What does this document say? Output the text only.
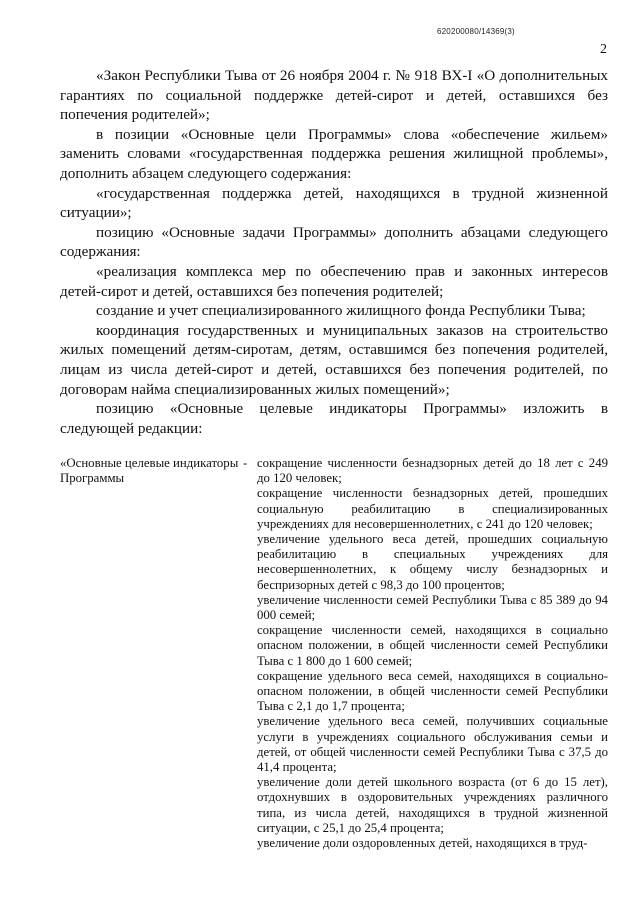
620200080/14369(3)
2

«Закон Республики Тыва от 26 ноября 2004 г. № 918 ВХ-I «О дополнительных гарантиях по социальной поддержке детей-сирот и детей, оставшихся без попечения родителей»;

в позиции «Основные цели Программы» слова «обеспечение жильем» заменить словами «государственная поддержка решения жилищной проблемы», дополнить абзацем следующего содержания:

«государственная поддержка детей, находящихся в трудной жизненной ситуации»;

позицию «Основные задачи Программы» дополнить абзацами следующего содержания:

«реализация комплекса мер по обеспечению прав и законных интересов детей-сирот и детей, оставшихся без попечения родителей;

создание и учет специализированного жилищного фонда Республики Тыва;

координация государственных и муниципальных заказов на строительство жилых помещений детям-сиротам, детям, оставшимся без попечения родителей, лицам из числа детей-сирот и детей, оставшихся без попечения родителей, по договорам найма специализированных жилых помещений»;

позицию «Основные целевые индикаторы Программы» изложить в следующей редакции:

«Основные целевые индикаторы Программы
- сокращение численности безнадзорных детей до 18 лет с 249 до 120 человек;

сокращение численности безнадзорных детей, прошедших социальную реабилитацию в специализированных учреждениях для несовершеннолетних, с 241 до 120 человек;

увеличение удельного веса детей, прошедших социальную реабилитацию в специальных учреждениях для несовершеннолетних, к общему числу безнадзорных и беспризорных детей с 98,3 до 100 процентов;

увеличение численности семей Республики Тыва с 85 389 до 94 000 семей;

сокращение численности семей, находящихся в социально опасном положении, в общей численности семей Республики Тыва с 1 800 до 1 600 семей;

сокращение удельного веса семей, находящихся в социально-опасном положении, в общей численности семей Республики Тыва с 2,1 до 1,7 процента;

увеличение удельного веса семей, получивших социальные услуги в учреждениях социального обслуживания семьи и детей, от общей численности семей Республики Тыва с 37,5 до 41,4 процента;

увеличение доли детей школьного возраста (от 6 до 15 лет), отдохнувших в оздоровительных учреждениях различного типа, из числа детей, находящихся в трудной жизненной ситуации, с 25,1 до 25,4 процента;

увеличение доли оздоровленных детей, находящихся в труд-
